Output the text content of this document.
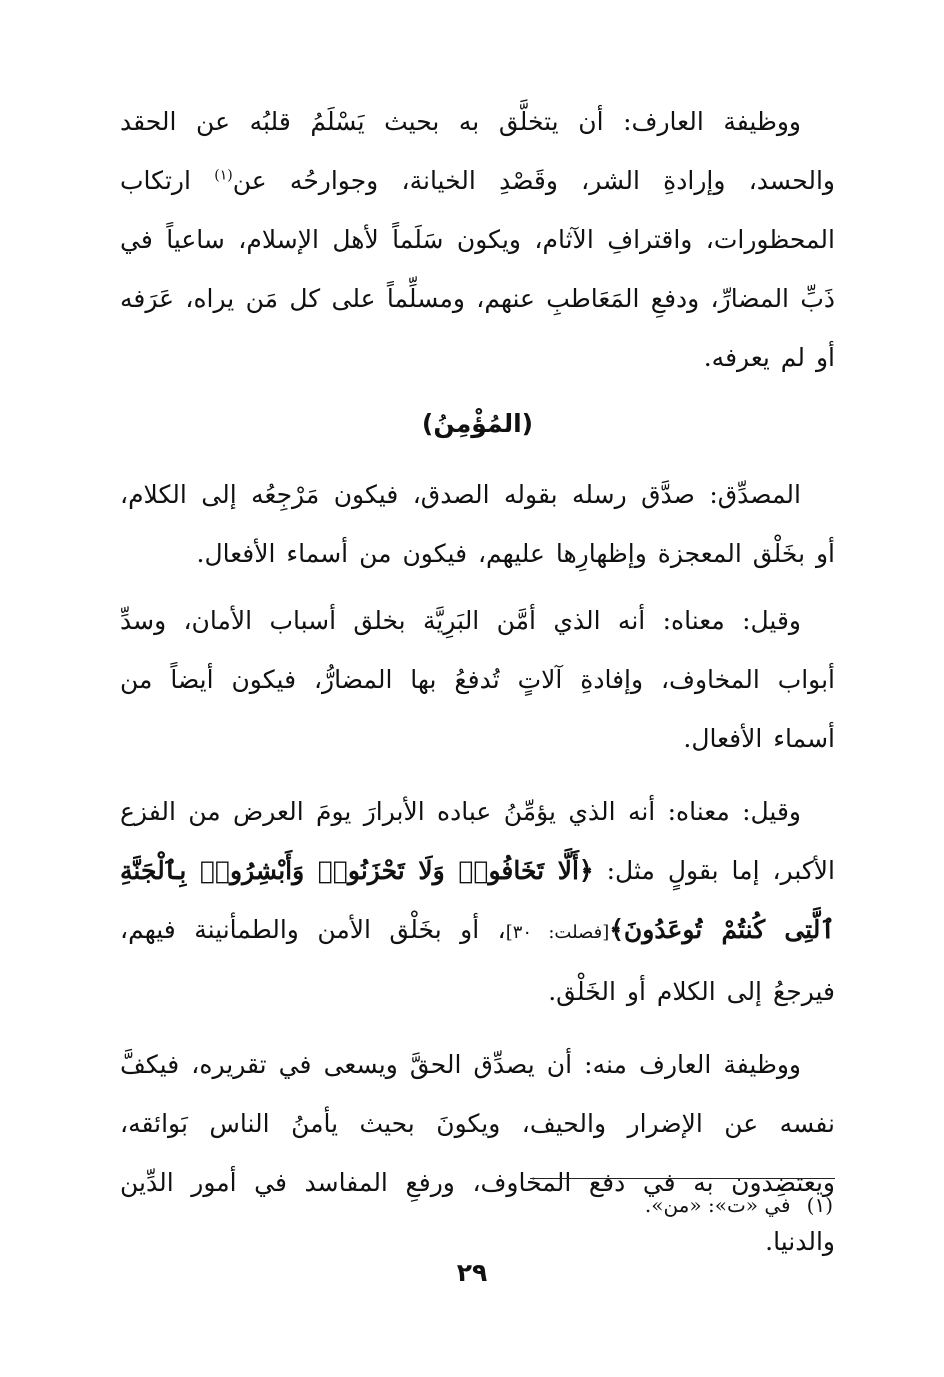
ووظيفة العارف: أن يتخلَّق به بحيث يَسْلَمُ قلبُه عن الحقد والحسد، وإرادةِ الشر، وقَصْدِ الخيانة، وجوارحُه عن$^{(١)}$ ارتكاب المحظورات، واقترافِ الآثام، ويكون سَلَماً لأهل الإسلام، ساعياً في ذَبِّ المضارِّ، ودفعِ المَعَاطبِ عنهم، ومسلِّماً على كل مَن يراه، عَرَفه أو لم يعرفه.

(المُؤْمِنُ)

المصدِّق: صدَّق رسله بقوله الصدق، فيكون مَرْجِعُه إلى الكلام، أو بخَلْق المعجزة وإظهارِها عليهم، فيكون من أسماء الأفعال.

وقيل: معناه: أنه الذي أمَّن البَرِيَّة بخلق أسباب الأمان، وسدِّ أبواب المخاوف، وإفادةِ آلاتٍ تُدفعُ بها المضارُّ، فيكون أيضاً من أسماء الأفعال.

وقيل: معناه: أنه الذي يؤمِّنُ عباده الأبرارَ يومَ العرض من الفزع الأكبر، إما بقولٍ مثل: ﴿أَلَّا تَخَافُوا۟ وَلَا تَحْزَنُوا۟ وَأَبْشِرُوا۟ بِٱلْجَنَّةِ ٱلَّتِى كُنتُمْ تُوعَدُونَ﴾[فصلت: ٣٠]، أو بخَلْق الأمن والطمأنينة فيهم، فيرجعُ إلى الكلام أو الخَلْق.

ووظيفة العارف منه: أن يصدِّق الحقَّ ويسعى في تقريره، فيكفَّ نفسه عن الإضرار والحيف، ويكونَ بحيث يأمنُ الناس بَوائقه، ويعتضِدون به في دفع المخاوف، ورفعِ المفاسد في أمور الدِّين والدنيا.

(١)في «ت»: «من».
٢٩
